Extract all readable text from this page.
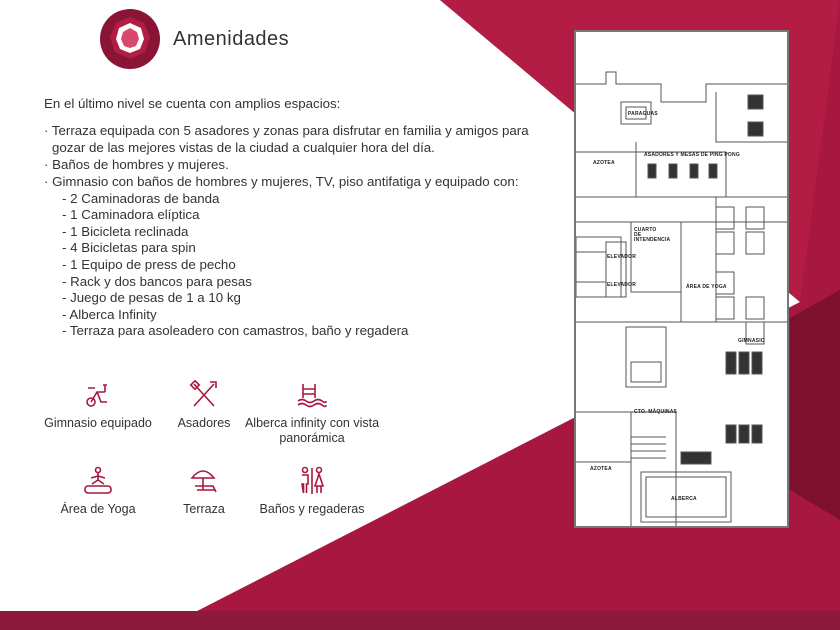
Amenidades

En el último nivel se cuenta con amplios espacios:

· Terraza equipada con 5 asadores y zonas para disfrutar en familia y amigos para gozar de las mejores vistas de la ciudad a cualquier hora del día.

· Baños de hombres y mujeres.

· Gimnasio con baños de hombres y mujeres, TV, piso antifatiga y equipado con:

- 2 Caminadoras de banda

- 1 Caminadora elíptica

- 1 Bicicleta reclinada

- 4 Bicicletas para spin

- 1 Equipo de press de pecho

- Rack y dos bancos para pesas

- Juego de pesas de 1 a 10 kg

- Alberca Infinity

- Terraza para asoleadero con camastros, baño y regadera

Gimnasio equipado	Asadores	Alberca infinity con vista panorámica
Área de Yoga	Terraza	Baños y regaderas
PARAGUAS
AZOTEA
ASADORES Y MESAS DE PING PONG
CUARTO DE INTENDENCIA
ELEVADOR
ELEVADOR	ÁREA DE YOGA
GIMNASIO
CTO. MÁQUINAS
AZOTEA
ALBERCA
